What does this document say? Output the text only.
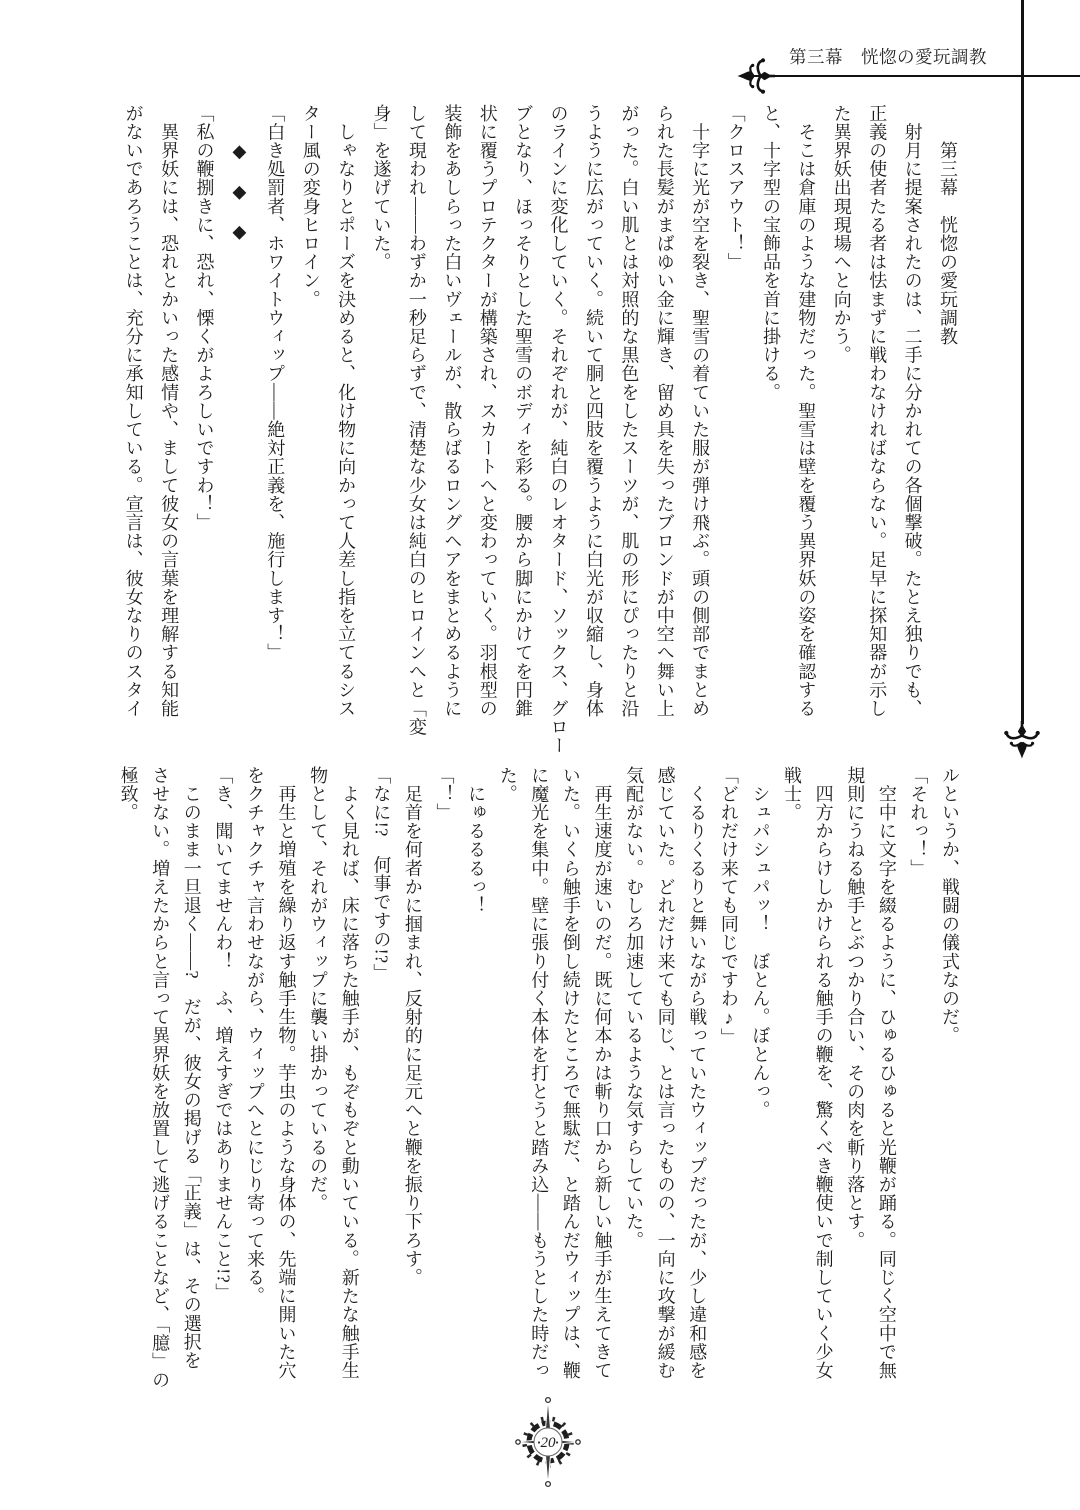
第三幕　恍惚の愛玩調教
　　第三幕　恍惚の愛玩調教
　射月に提案されたのは、二手に分かれての各個撃破。たとえ独りでも、
正義の使者たる者は怯まずに戦わなければならない。足早に探知器が示し
た異界妖出現現場へと向かう。
　そこは倉庫のような建物だった。聖雪は壁を覆う異界妖の姿を確認する
と、十字型の宝飾品を首に掛ける。
「クロスアウト！」
　十字に光が空を裂き、聖雪の着ていた服が弾け飛ぶ。頭の側部でまとめ
られた長髪がまばゆい金に輝き、留め具を失ったブロンドが中空へ舞い上
がった。白い肌とは対照的な黒色をしたスーツが、肌の形にぴったりと沿
うように広がっていく。続いて胴と四肢を覆うように白光が収縮し、身体
のラインに変化していく。それぞれが、純白のレオタード、ソックス、グロー
ブとなり、ほっそりとした聖雪のボディを彩る。腰から脚にかけてを円錐
状に覆うプロテクターが構築され、スカートへと変わっていく。羽根型の
装飾をあしらった白いヴェールが、散らばるロングヘアをまとめるように
して現われ――わずか一秒足らずで、清楚な少女は純白のヒロインへと「変
身」を遂げていた。
　しゃなりとポーズを決めると、化け物に向かって人差し指を立てるシス
ター風の変身ヒロイン。
「白き処罰者、ホワイトウィップ――絶対正義を、施行します！」
　　◆　◆　◆
「私の鞭捌きに、恐れ、慄くがよろしいですわ！」
　異界妖には、恐れとかいった感情や、まして彼女の言葉を理解する知能
がないであろうことは、充分に承知している。宣言は、彼女なりのスタイ
ルというか、戦闘の儀式なのだ。
「それっ！」
　空中に文字を綴るように、ひゅるひゅると光鞭が踊る。同じく空中で無
規則にうねる触手とぶつかり合い、その肉を斬り落とす。
　四方からけしかけられる触手の鞭を、驚くべき鞭使いで制していく少女
戦士。
　シュパシュパッ！　ぼとん。ぼとんっ。
「どれだけ来ても同じですわ♪」
　くるりくるりと舞いながら戦っていたウィップだったが、少し違和感を
感じていた。どれだけ来ても同じ、とは言ったものの、一向に攻撃が緩む
気配がない。むしろ加速しているような気すらしていた。
　再生速度が速いのだ。既に何本かは斬り口から新しい触手が生えてきて
いた。いくら触手を倒し続けたところで無駄だ、と踏んだウィップは、鞭
に魔光を集中。壁に張り付く本体を打とうと踏み込――もうとした時だっ
た。
　にゅるるるっ！
「！」
　足首を何者かに掴まれ、反射的に足元へと鞭を振り下ろす。
「なに!?　何事ですの!?」
　よく見れば、床に落ちた触手が、もぞもぞと動いている。新たな触手生
物として、それがウィップに襲い掛かっているのだ。
　再生と増殖を繰り返す触手生物。芋虫のような身体の、先端に開いた穴
をクチャクチャ言わせながら、ウィップへとにじり寄って来る。
「き、聞いてませんわ！　ふ、増えすぎではありませんこと!?」
　このまま一旦退く――?　だが、彼女の掲げる「正義」は、その選択を
させない。増えたからと言って異界妖を放置して逃げることなど、「臆」の
極致。
20
